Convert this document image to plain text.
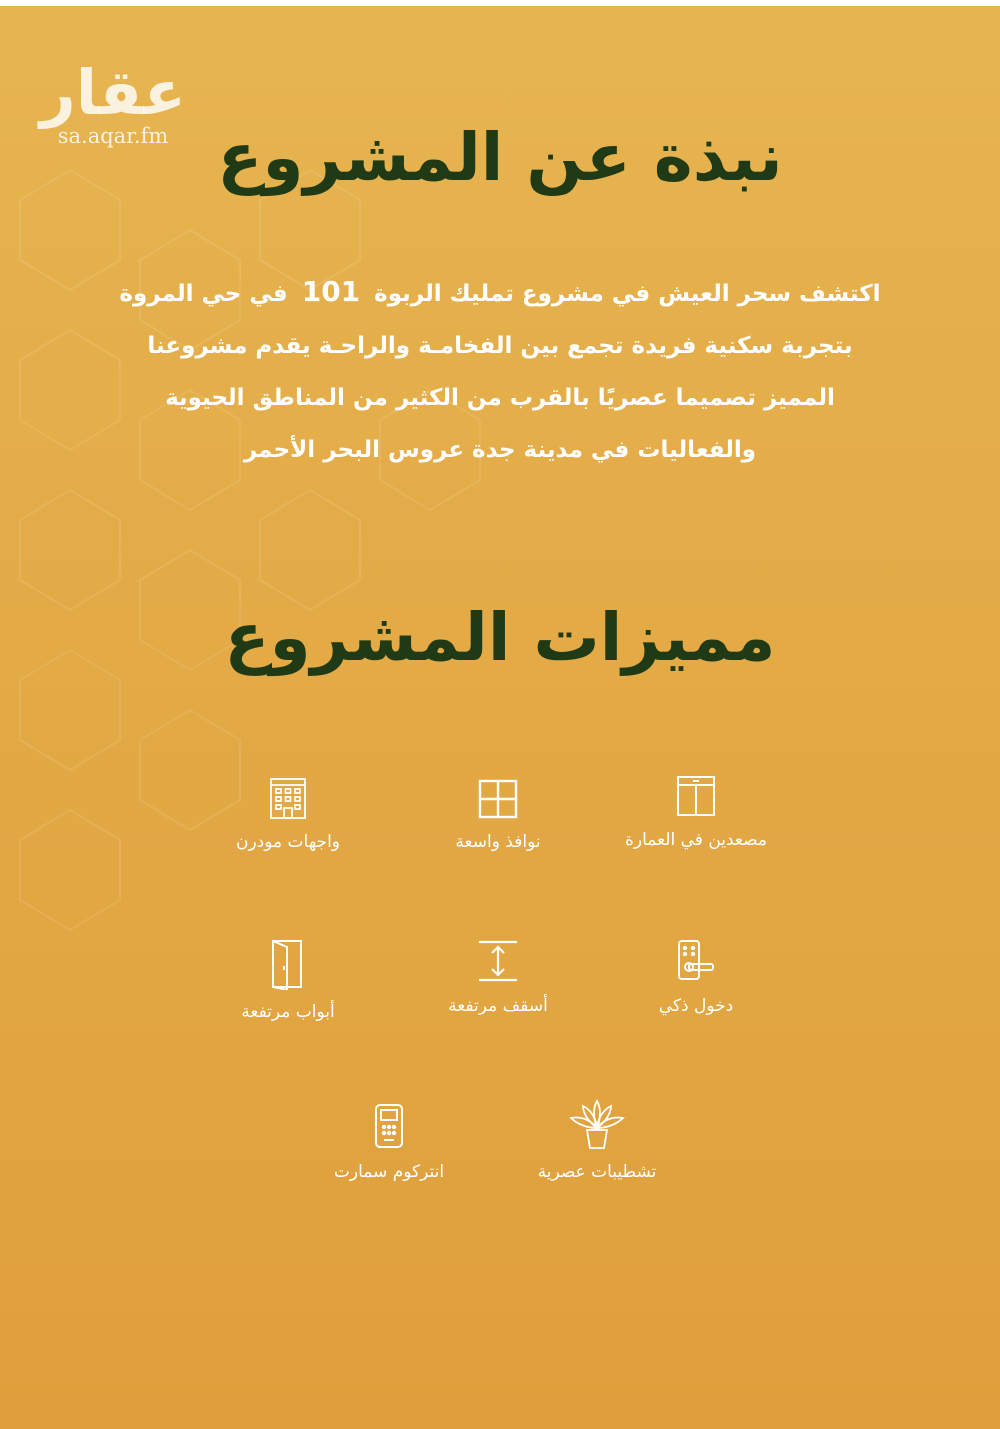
عقار
sa.aqar.fm نبذة عن المشروع
اكتشف سحر العيش في مشروع تمليك الربوة101في حي المروة
بتجربة سكنية فريدة تجمع بين الفخامـة والراحـة يقدم مشروعنا
المميز تصميما عصريًا بالقرب من الكثير من المناطق الحيوية
والفعاليات في مدينة جدة عروس البحر الأحمر
مميزات المشروع
مصعدين في العمارة
نوافذ واسعة
واجهات مودرن
دخول ذكي
أسقف مرتفعة
أبواب مرتفعة
تشطيبات عصرية
انتركوم سمارت
